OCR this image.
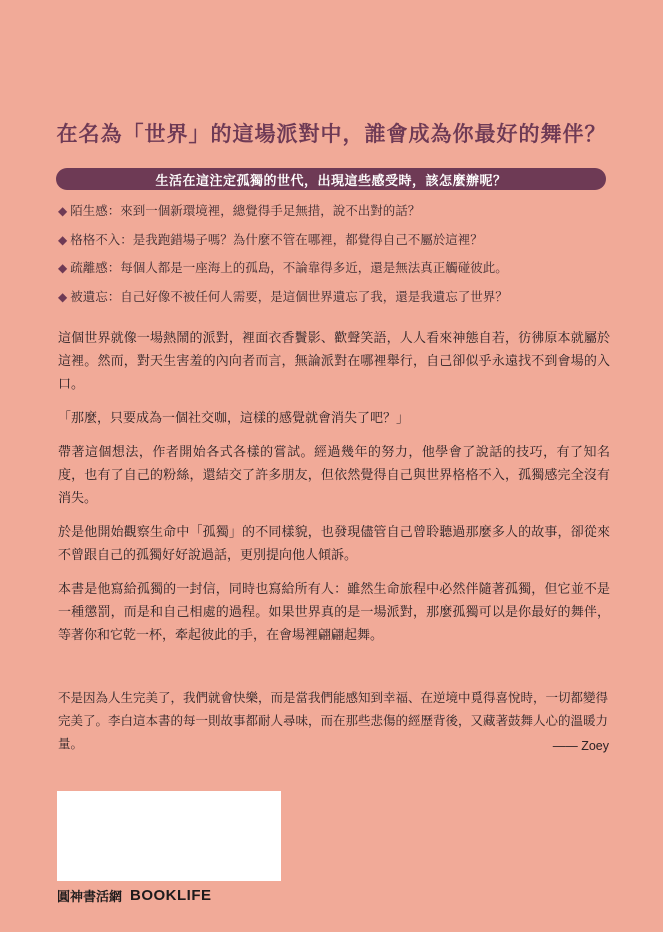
在名為「世界」的這場派對中，誰會成為你最好的舞伴？
生活在這注定孤獨的世代，出現這些感受時，該怎麼辦呢？
◆ 陌生感：來到一個新環境裡，總覺得手足無措，說不出對的話？
◆ 格格不入：是我跑錯場子嗎？為什麼不管在哪裡，都覺得自己不屬於這裡？
◆ 疏離感：每個人都是一座海上的孤島，不論靠得多近，還是無法真正觸碰彼此。
◆ 被遺忘：自己好像不被任何人需要，是這個世界遺忘了我，還是我遺忘了世界？

這個世界就像一場熱鬧的派對，裡面衣香鬢影、歡聲笑語，人人看來神態自若，彷彿原本就屬於這裡。然而，對天生害羞的內向者而言，無論派對在哪裡舉行，自己卻似乎永遠找不到會場的入口。

「那麼，只要成為一個社交咖，這樣的感覺就會消失了吧？」

帶著這個想法，作者開始各式各樣的嘗試。經過幾年的努力，他學會了說話的技巧，有了知名度，也有了自己的粉絲，還結交了許多朋友，但依然覺得自己與世界格格不入，孤獨感完全沒有消失。

於是他開始觀察生命中「孤獨」的不同樣貌，也發現儘管自己曾聆聽過那麼多人的故事，卻從來不曾跟自己的孤獨好好說過話，更別提向他人傾訴。

本書是他寫給孤獨的一封信，同時也寫給所有人：雖然生命旅程中必然伴隨著孤獨，但它並不是一種懲罰，而是和自己相處的過程。如果世界真的是一場派對，那麼孤獨可以是你最好的舞伴，等著你和它乾一杯，牽起彼此的手，在會場裡翩翩起舞。

不是因為人生完美了，我們就會快樂，而是當我們能感知到幸福、在逆境中覓得喜悅時，一切都變得完美了。李白這本書的每一則故事都耐人尋味，而在那些悲傷的經歷背後，又藏著鼓舞人心的溫暖力量。	—— Zoey
圓神書活網 BOOKLIFE
